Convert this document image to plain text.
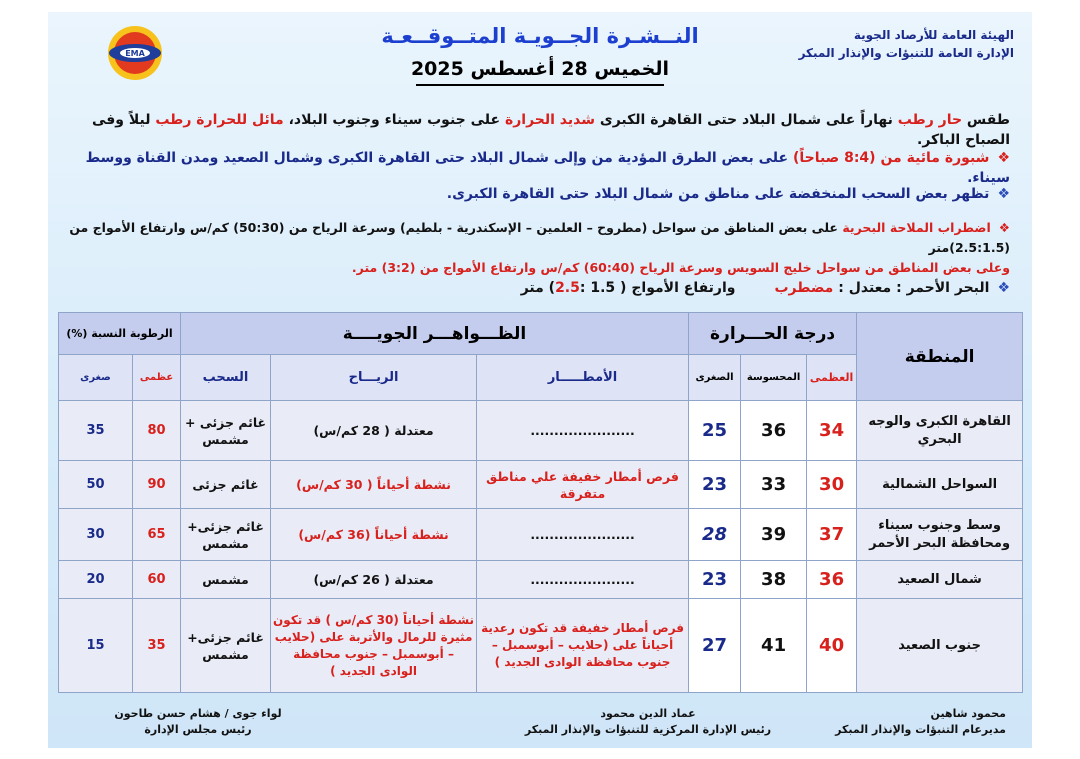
EMA
الهيئة العامة للأرصاد الجوية
الإدارة العامة للتنبؤات والإنذار المبكر
النــشـرة الجــويـة المتــوقــعـة
الخميس 28 أغسطس 2025
طقس حار رطب نهاراً على شمال البلاد حتى القاهرة الكبرى شديد الحرارة على جنوب سيناء وجنوب البلاد، مائل للحرارة رطب ليلاً وفى الصباح الباكر.
❖شبورة مائية من (8:4 صباحاً) على بعض الطرق المؤدية من وإلى شمال البلاد حتى القاهرة الكبرى وشمال الصعيد ومدن القناة ووسط سيناء.
❖تظهر بعض السحب المنخفضة على مناطق من شمال البلاد حتى القاهرة الكبرى.
❖اضطراب الملاحة البحرية على بعض المناطق من سواحل (مطروح – العلمين – الإسكندرية - بلطيم) وسرعة الرياح من (50:30) كم/س وارتفاع الأمواج من (2.5:1.5)متر
وعلى بعض المناطق من سواحل خليج السويس وسرعة الرياح (60:40) كم/س وارتفاع الأمواج من (3:2) متر.
❖البحر الأحمر : معتدل : مضطرب        وارتفاع الأمواج ( 1.5 :2.5) متر
المنطقة	درجة الحـــرارة			الظـــواهـــر الجويــــة			الرطوبة النسبة (%)	
	العظمى	المحسوسة	الصغرى	الأمطـــــار	الريـــاح	السحب	عظمى	صغرى
القاهرة الكبرى والوجه البحري	34	36	25	......................	معتدلة ( 28 كم/س)	غائم جزئى + مشمس	80	35
السواحل الشمالية	30	33	23	فرص أمطار خفيفة علي مناطق متفرقة	نشطة أحياناً ( 30 كم/س)	غائم جزئى	90	50
وسط وجنوب سيناء ومحافظة البحر الأحمر	37	39	28	......................	نشطة أحياناً (36 كم/س)	غائم جزئى+ مشمس	65	30
شمال الصعيد	36	38	23	......................	معتدلة ( 26 كم/س)	مشمس	60	20
جنوب الصعيد	40	41	27	فرص أمطار خفيفة قد تكون رعدية أحياناً على (حلايب – أبوسمبل – جنوب محافظة الوادى الجديد )	نشطة أحياناً (30 كم/س ) قد تكون مثيرة للرمال والأتربة على (حلايب – أبوسمبل – جنوب محافظة الوادى الجديد )	غائم جزئى+ مشمس	35	15
محمود شاهين
مديرعام التنبؤات والإنذار المبكر
عماد الدين محمود
رئيس الإدارة المركزية للتنبؤات والإنذار المبكر
لواء جوى / هشام حسن طاحون
رئيس مجلس الإدارة
